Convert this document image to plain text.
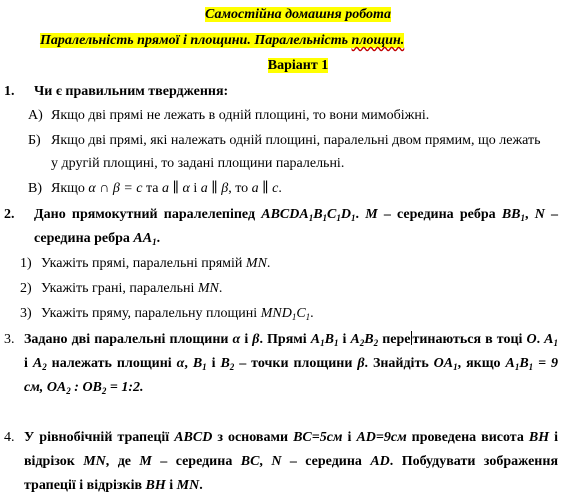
Самостійна домашня робота
Паралельність прямої і площини. Паралельність площин.
Варіант 1
1. Чи є правильним твердження:
А) Якщо дві прямі не лежать в одній площині, то вони мимобіжні.
Б) Якщо дві прямі, які належать одній площині, паралельні двом прямим, що лежать
у другій площині, то задані площини паралельні.
В) Якщо α ∩ β = c та a ∥ α і a ∥ β, то a ∥ c.
2. Дано прямокутний паралелепіпед $ABCDA_1B_1C_1D_1$. M – середина ребра $BB_1$, N –
середина ребра $AA_1$.
1) Укажіть прямі, паралельні прямій MN.
2) Укажіть грані, паралельні MN.
3) Укажіть пряму, паралельну площині $MND_1C_1$.
3. Задано дві паралельні площини α і β. Прямі $A_1B_1$ і $A_2B_2$ пере тинаються в тоці O. $A_1$
і $A_2$ належать площині α, $B_1$ і $B_2$ – точки площини β. Знайдіть $OA_1$, якщо $A_1B_1 = 9$
см, $OA_2$ : $OB_2$ = 1:2.
4. У рівнобічній трапеції ABCD з основами BC=5см і AD=9см проведена висота BH і
відрізок MN, де M – середина BC, N – середина AD. Побудувати зображення
трапеції і відрізків BH і MN.
